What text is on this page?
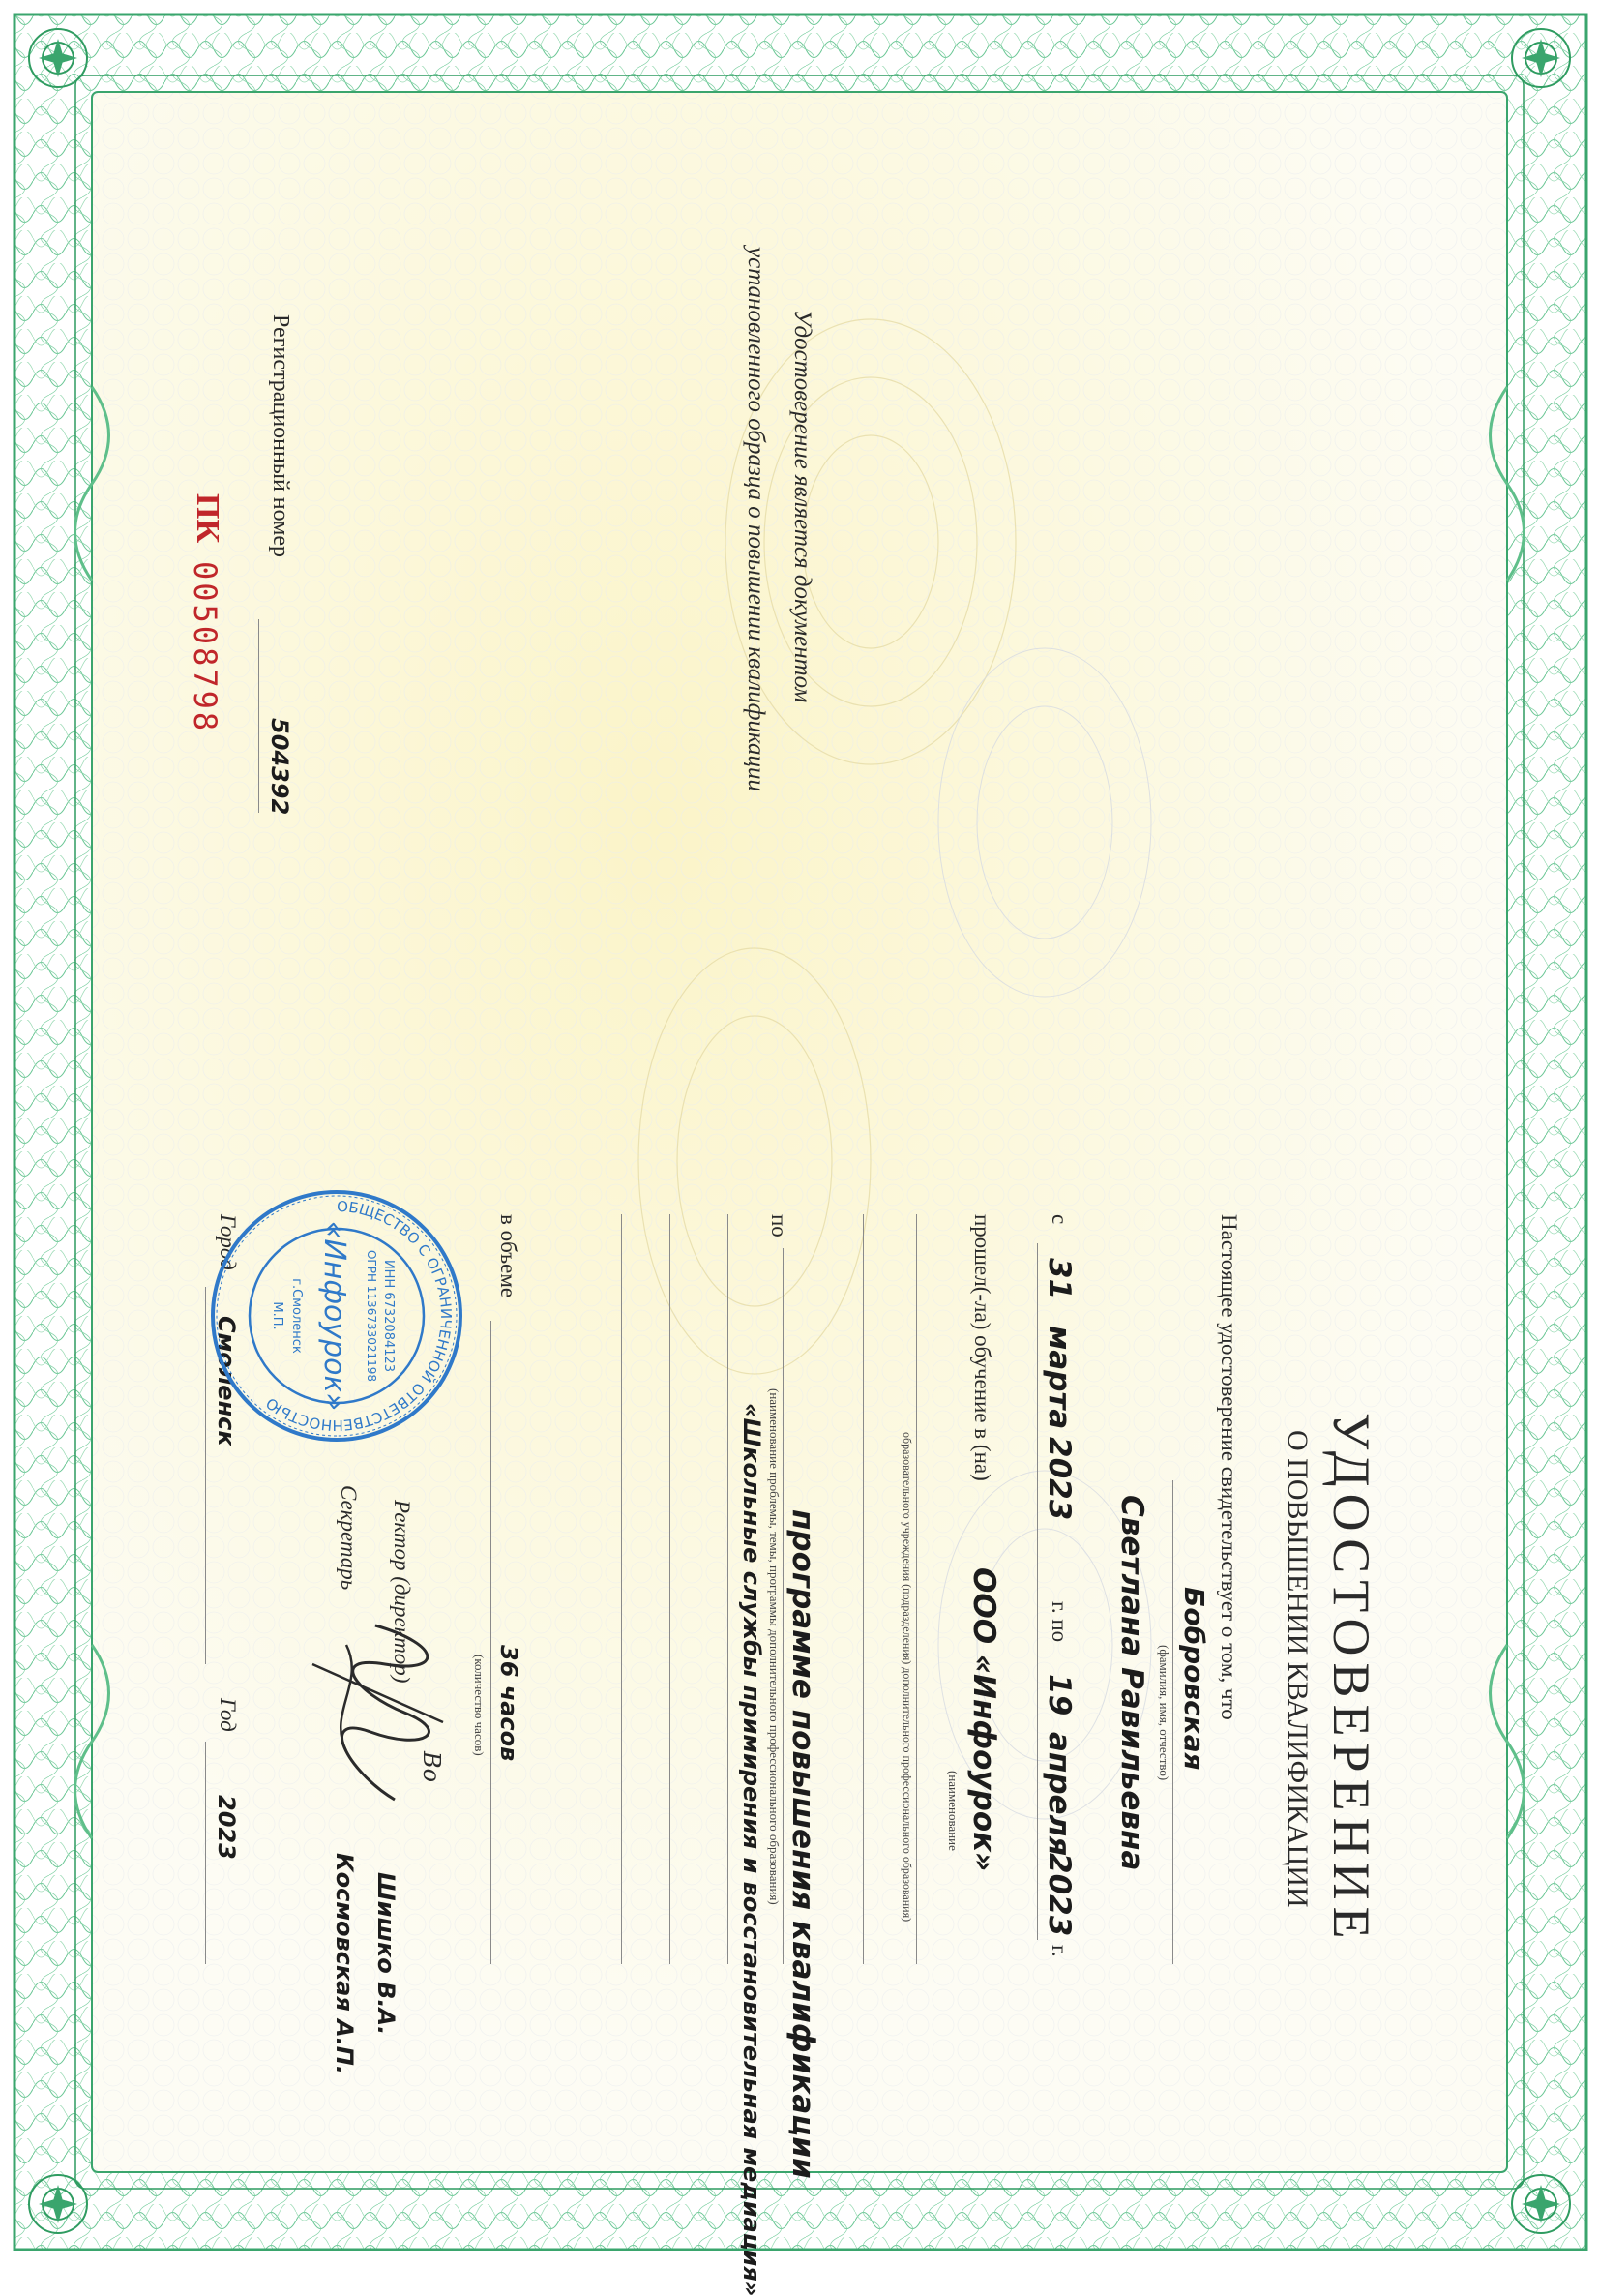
Удостоверение является документом
установленного образца о повышении квалификации
Регистрационный номер
504392
ПК
00508798
УДОСТОВЕРЕНИЕ
О ПОВЫШЕНИИ КВАЛИФИКАЦИИ
Настоящее удостоверение свидетельствует о том, что
Бобровская
(фамилия, имя, отчество)
Светлана Равильевна
с
31
марта
2023
г. по
19
апреля
2023
г.
прошел(-ла) обучение в (на)
ООО «Инфоурок»
(наименование
образовательного учреждения (подразделения) дополнительного профессионального образования)
по
программе повышения квалификации
(наименование проблемы, темы, программы дополнительного профессионального образования)
«Школьные службы примирения и восстановительная медиация»
в объеме
36 часов
(количество часов)
Ректор (директор)
Шишко В.А.
Секретарь
Космовская А.П.
Во
Город
Смоленск
Год
2023
ОБЩЕСТВО С ОГРАНИЧЕННОЙ ОТВЕТСТВЕННОСТЬЮ
ИНН 6732084123
ОГРН 1136733021198
«Инфоурок»
г.Смоленск
М.П.
